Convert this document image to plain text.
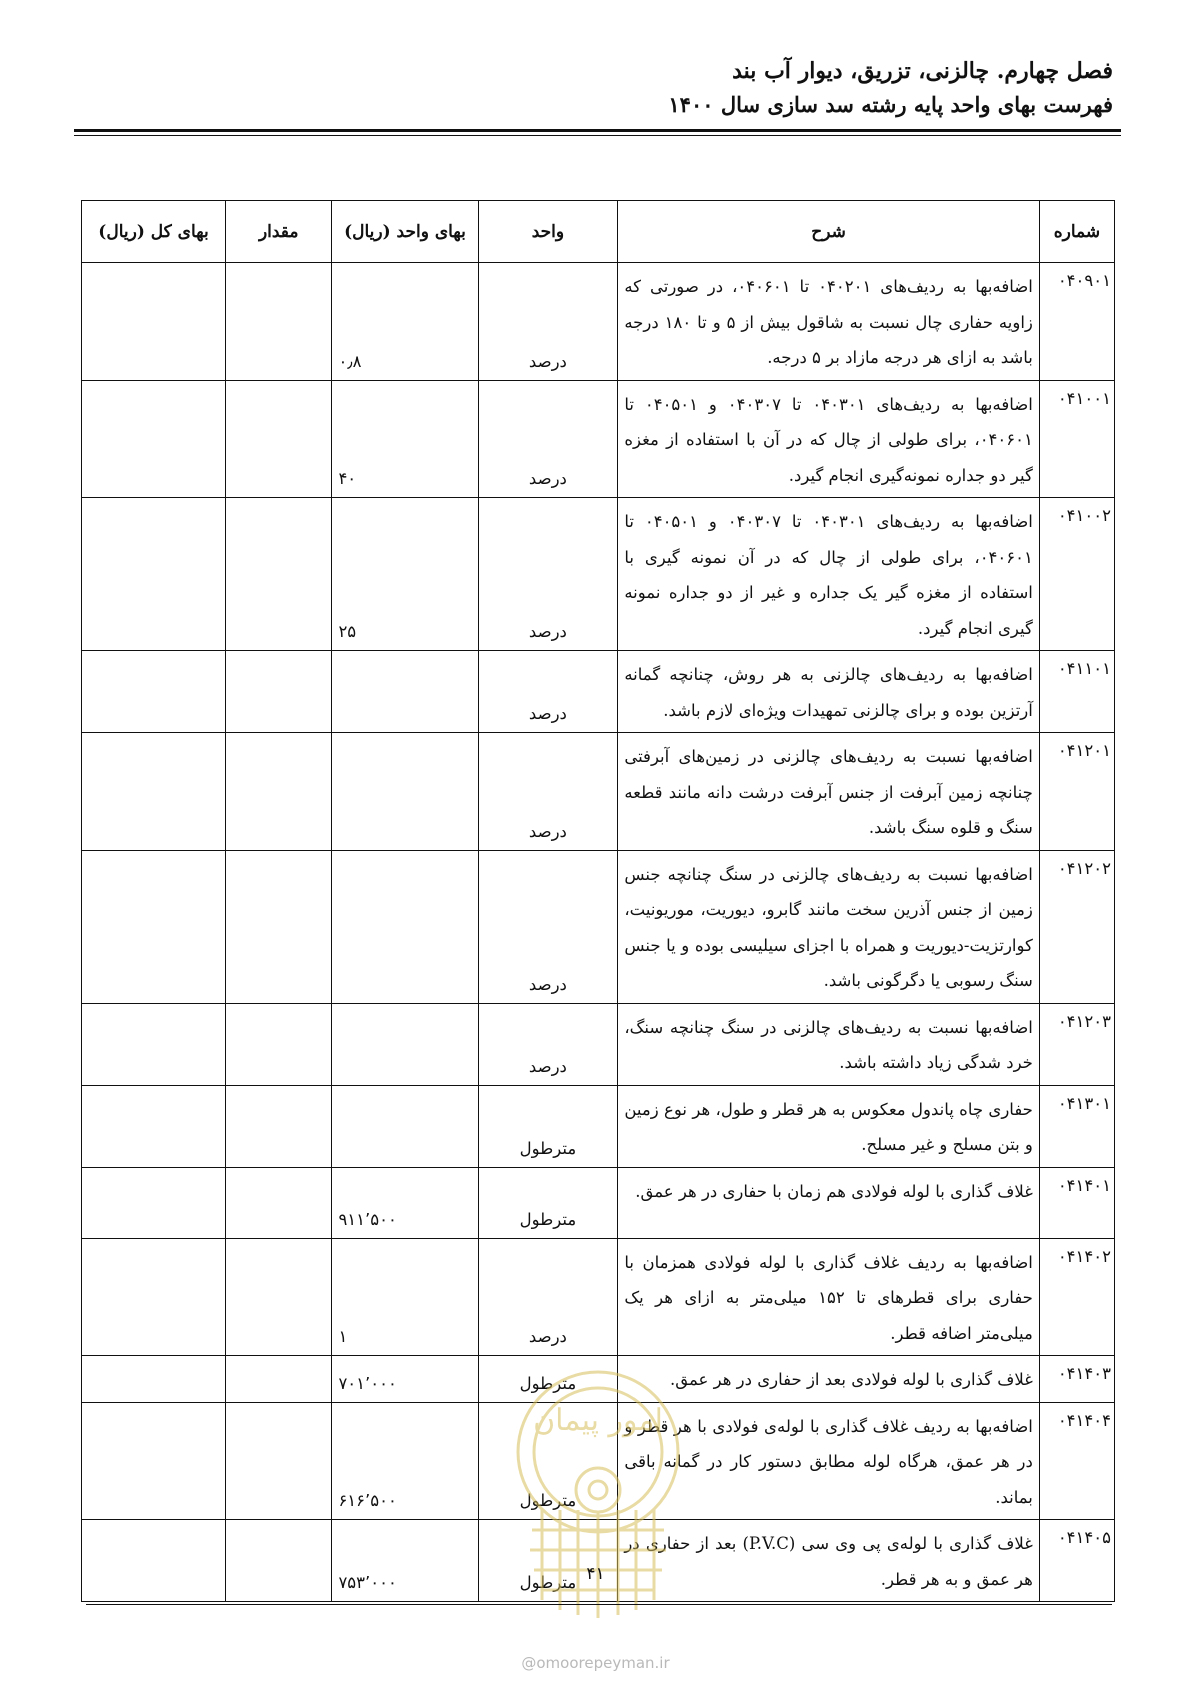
فصل چهارم. چالزنی، تزریق، دیوار آب بند
فهرست بهای واحد پایه رشته سد سازی سال ۱۴۰۰
شماره	شرح	واحد	بهای واحد (ریال)	مقدار	بهای کل (ریال)
۰۴۰۹۰۱	اضافه‌بها به ردیف‌های ۰۴۰۲۰۱ تا ۰۴۰۶۰۱، در صورتی که زاویه حفاری چال نسبت به شاقول بیش از ۵ و تا ۱۸۰ درجه باشد به ازای هر درجه مازاد بر ۵ درجه.	درصد	۰٫۸		
۰۴۱۰۰۱	اضافه‌بها به ردیف‌های ۰۴۰۳۰۱ تا ۰۴۰۳۰۷ و ۰۴۰۵۰۱ تا ۰۴۰۶۰۱، برای طولی از چال که در آن با استفاده از مغزه گیر دو جداره نمونه‌گیری انجام گیرد.	درصد	۴۰		
۰۴۱۰۰۲	اضافه‌بها به ردیف‌های ۰۴۰۳۰۱ تا ۰۴۰۳۰۷ و ۰۴۰۵۰۱ تا ۰۴۰۶۰۱، برای طولی از چال که در آن نمونه گیری با استفاده از مغزه گیر یک جداره و غیر از دو جداره نمونه گیری انجام گیرد.	درصد	۲۵		
۰۴۱۱۰۱	اضافه‌بها به ردیف‌های چالزنی به هر روش، چنانچه گمانه آرتزین بوده و برای چالزنی تمهیدات ویژه‌ای لازم باشد.	درصد			
۰۴۱۲۰۱	اضافه‌بها نسبت به ردیف‌های چالزنی در زمین‌های آبرفتی چنانچه زمین آبرفت از جنس آبرفت درشت دانه مانند قطعه سنگ و قلوه سنگ باشد.	درصد			
۰۴۱۲۰۲	اضافه‌بها نسبت به ردیف‌های چالزنی در سنگ چنانچه جنس زمین از جنس آذرین سخت مانند گابرو، دیوریت، موریونیت، کوارتزیت-دیوریت و همراه با اجزای سیلیسی بوده و یا جنس سنگ رسوبی یا دگرگونی باشد.	درصد			
۰۴۱۲۰۳	اضافه‌بها نسبت به ردیف‌های چالزنی در سنگ چنانچه سنگ، خرد شدگی زیاد داشته باشد.	درصد			
۰۴۱۳۰۱	حفاری چاه پاندول معکوس به هر قطر و طول، هر نوع زمین و بتن مسلح و غیر مسلح.	مترطول			
۰۴۱۴۰۱	غلاف گذاری با لوله فولادی هم زمان با حفاری در هر عمق.	مترطول	۹۱۱٬۵۰۰		
۰۴۱۴۰۲	اضافه‌بها به ردیف غلاف گذاری با لوله فولادی همزمان با حفاری برای قطرهای تا ۱۵۲ میلی‌متر به ازای هر یک میلی‌متر اضافه قطر.	درصد	۱		
۰۴۱۴۰۳	غلاف گذاری با لوله فولادی بعد از حفاری در هر عمق.	مترطول	۷۰۱٬۰۰۰		
۰۴۱۴۰۴	اضافه‌بها به ردیف غلاف گذاری با لوله‌ی فولادی با هر قطر و در هر عمق، هرگاه لوله مطابق دستور کار در گمانه باقی بماند.	مترطول	۶۱۶٬۵۰۰		
۰۴۱۴۰۵	غلاف گذاری با لوله‌ی پی وی سی (P.V.C) بعد از حفاری در هر عمق و به هر قطر.	مترطول	۷۵۳٬۰۰۰		
امور پیمان
۴۱
@omoorepeyman.ir
